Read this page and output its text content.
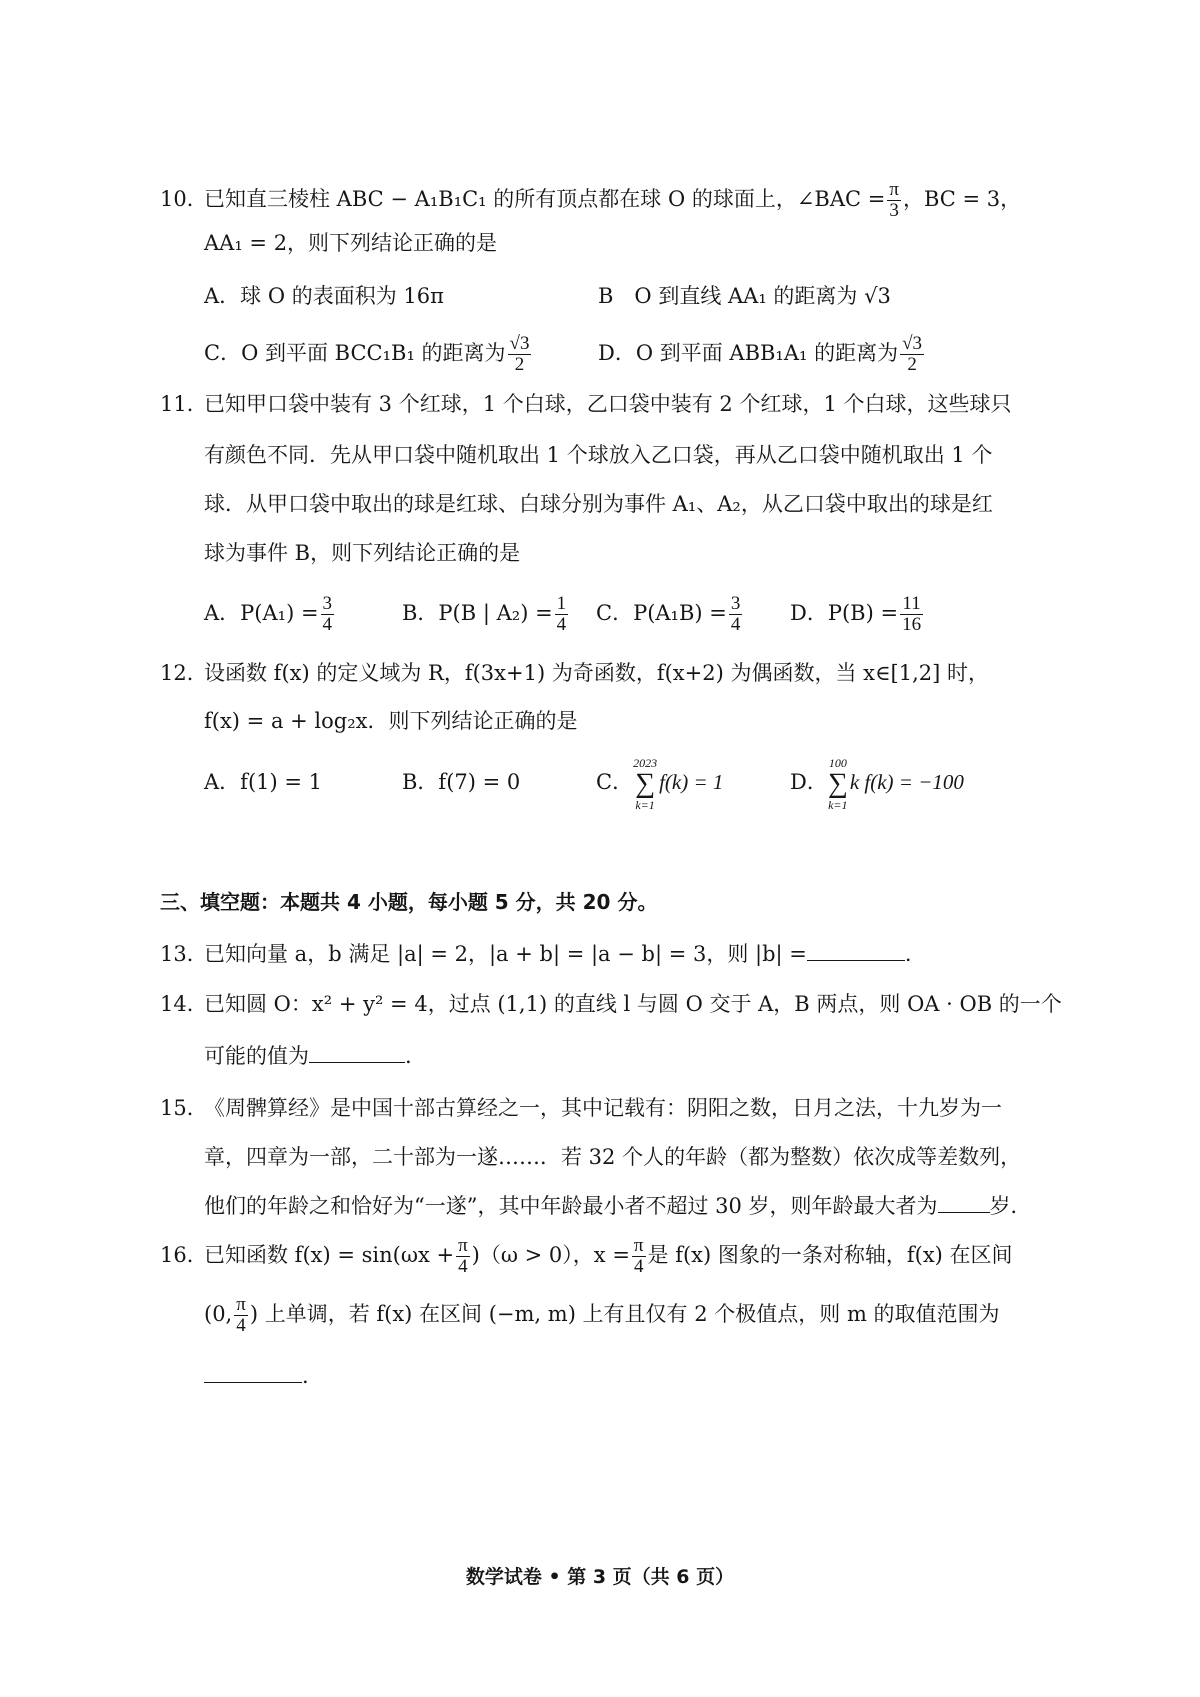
10．已知直三棱柱 ABC − A₁B₁C₁ 的所有顶点都在球 O 的球面上，∠BAC = $\frac{\pi}{3}$ ，BC = 3，
AA₁ = 2，则下列结论正确的是
A．球 O 的表面积为 16π	B　O 到直线 AA₁ 的距离为 √3
C．O 到平面 BCC₁B₁ 的距离为 $\frac{√3}{2}$	D．O 到平面 ABB₁A₁ 的距离为 $\frac{√3}{2}$
11．已知甲口袋中装有 3 个红球，1 个白球，乙口袋中装有 2 个红球，1 个白球，这些球只
有颜色不同．先从甲口袋中随机取出 1 个球放入乙口袋，再从乙口袋中随机取出 1 个
球．从甲口袋中取出的球是红球、白球分别为事件 A₁、A₂，从乙口袋中取出的球是红
球为事件 B，则下列结论正确的是
A．$P(A_1) = \frac{3}{4}$	B．P(B | $A_2) = \frac{1}{4}$ C．$P(A_1B) = \frac{3}{4}$ D．$P(B) = \frac{11}{16}$
12．设函数 f(x) 的定义域为 R，f(3x+1) 为奇函数，f(x+2) 为偶函数，当 x∈[1,2] 时，
f(x) = a + log₂x．则下列结论正确的是
A．f(1) = 1	B．f(7) = 0	C．
2023
∑
k=1
f(k) = 1	D．
100
∑
k=1
k f(k) = −100
三、填空题：本题共 4 小题，每小题 5 分，共 20 分。
13．已知向量 a，b 满足 |a| = 2，|a + b| = |a − b| = 3，则 |b| =	.
14．已知圆 O：x² + y² = 4，过点 (1,1) 的直线 l 与圆 O 交于 A，B 两点，则 OA · OB 的一个
可能的值为	.
15．《周髀算经》是中国十部古算经之一，其中记载有：阴阳之数，日月之法，十九岁为一
章，四章为一部，二十部为一遂……．若 32 个人的年龄（都为整数）依次成等差数列，
他们的年龄之和恰好为“一遂”，其中年龄最小者不超过 30 岁，则年龄最大者为 岁．
16．已知函数 $f(x) = \sin(\omega x + \frac{\pi}{4} )(\omega > 0)$，$x = \frac{\pi}{4}$ 是 f(x) 图象的一条对称轴，f(x) 在区间
(0, $\frac{\pi}{4}$ ) 上单调，若 f(x) 在区间 (−m, m) 上有且仅有 2 个极值点，则 m 的取值范围为
.
数学试卷 • 第 3 页（共 6 页）
